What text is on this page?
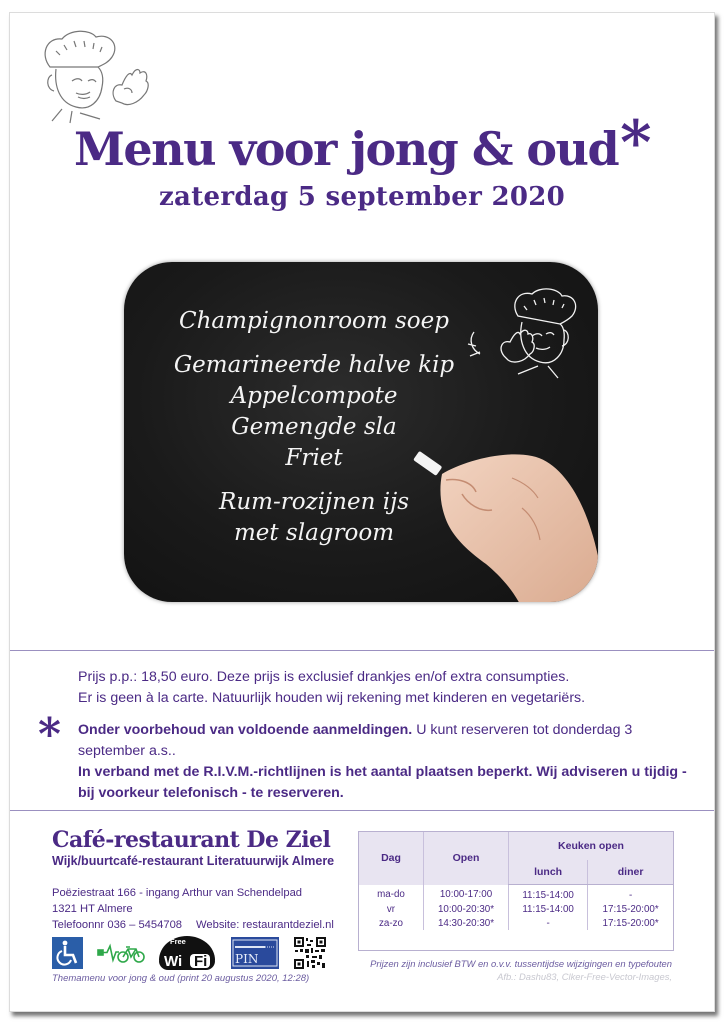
Menu voor jong & oud*
zaterdag 5 september 2020
Champignonroom soep
Gemarineerde halve kip
Appelcompote
Gemengde sla
Friet
Rum-rozijnen ijs
met slagroom
*

Prijs p.p.: 18,50 euro. Deze prijs is exclusief drankjes en/of extra consumpties.

Er is geen à la carte. Natuurlijk houden wij rekening met kinderen en vegetariërs.

Onder voorbehoud van voldoende aanmeldingen. U kunt reserveren tot donderdag 3 september a.s..

In verband met de R.I.V.M.-richtlijnen is het aantal plaatsen beperkt. Wij adviseren u tijdig - bij voorkeur telefonisch - te reserveren.

Café-restaurant De Ziel
Wijk/buurtcafé-restaurant Literatuurwijk Almere
Poëziestraat 166 - ingang Arthur van Schendelpad
1321 HT Almere
Telefoonnr 036 – 5454708 Website: restaurantdeziel.nl
Free
Wi Fi PIN
Themamenu voor jong & oud (print 20 augustus 2020, 12:28)
Dag	Open	Keuken open	
		lunch	diner
ma-do	10:00-17:00	11:15-14:00	-
vr	10:00-20:30*	11:15-14:00	17:15-20:00*
za-zo	14:30-20:30*	-	17:15-20:00*
Prijzen zijn inclusief BTW en o.v.v. tussentijdse wijzigingen en typefouten
Afb.: Dashu83, Clker-Free-Vector-Images,
